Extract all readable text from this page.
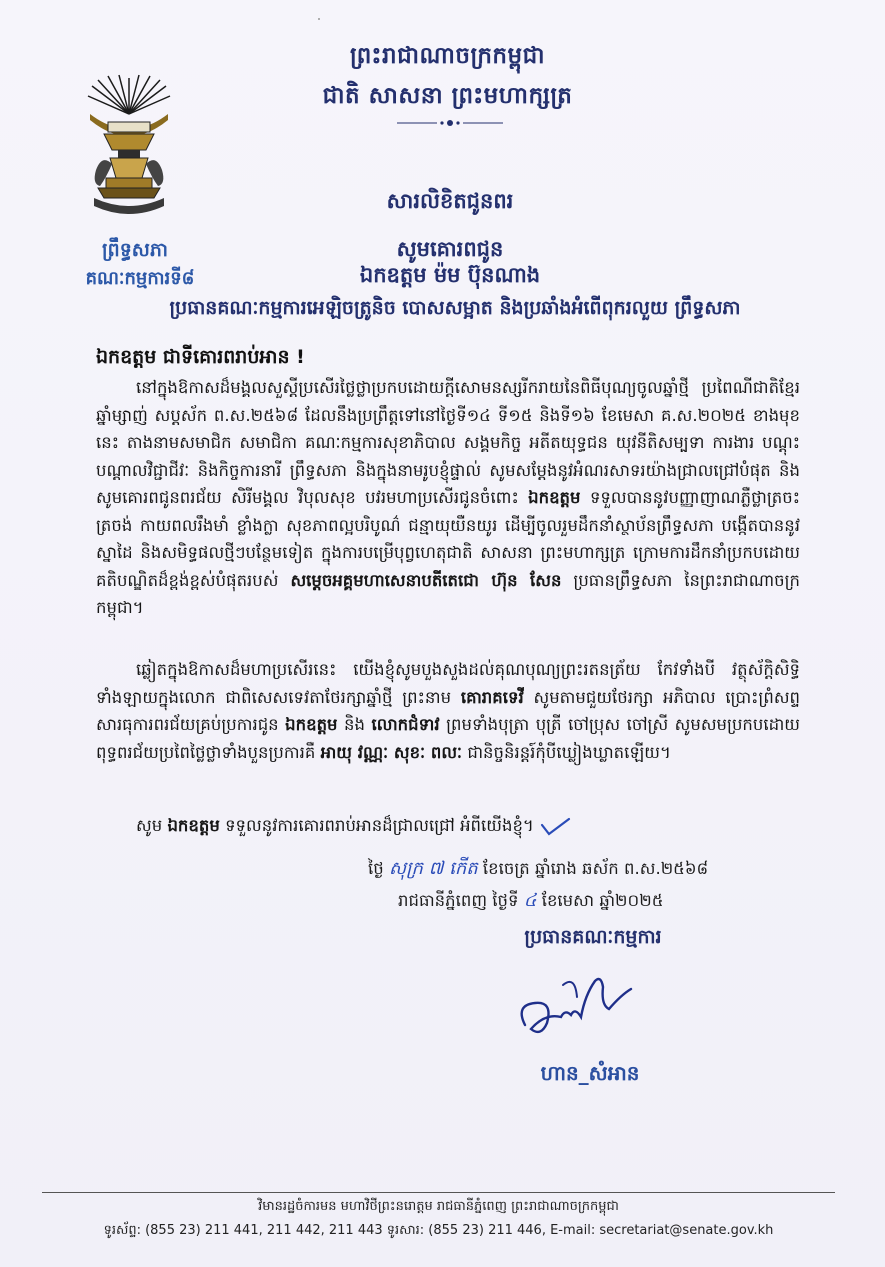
ព្រះរាជាណាចក្រកម្ពុជា
ជាតិ សាសនា ព្រះមហាក្សត្រ
ព្រឹទ្ធសភា
គណៈកម្មការទី៨
សារលិខិតជូនពរ
សូមគោរពជូន
ឯកឧត្តម ម៉ម ប៊ុនណាង
ប្រធានគណៈកម្មការអេឡិចត្រូនិច បោសសម្អាត និងប្រឆាំងអំពើពុករលួយ ព្រឹទ្ធសភា
ឯកឧត្តម ជាទីគោរពរាប់អាន !
នៅក្នុងឱកាសដ៏មង្គលសួស្តីប្រសើរថ្លៃថ្លាប្រកបដោយក្តីសោមនស្សរីករាយនៃពិធីបុណ្យចូលឆ្នាំថ្មី ប្រពៃណីជាតិខ្មែរ ឆ្នាំម្សាញ់ សប្តស័ក ព.ស.២៥៦៨ ដែលនឹងប្រព្រឹត្តទៅនៅថ្ងៃទី១៤ ទី១៥ និងទី១៦ ខែមេសា គ.ស.២០២៥ ខាងមុខនេះ តាងនាមសមាជិក សមាជិកា គណៈកម្មការសុខាភិបាល សង្គមកិច្ច អតីតយុទ្ធជន យុវនីតិសម្បទា ការងារ បណ្តុះបណ្តាលវិជ្ជាជីវៈ និងកិច្ចការនារី ព្រឹទ្ធសភា និងក្នុងនាមរូបខ្ញុំផ្ទាល់ សូមសម្តែងនូវអំណរសាទរយ៉ាងជ្រាលជ្រៅបំផុត និងសូមគោរពជូនពរជ័យ សិរីមង្គល វិបុលសុខ បវរមហាប្រសើរជូនចំពោះ ឯកឧត្តម ទទួលបាននូវបញ្ញាញាណភ្លឺថ្លាត្រចះត្រចង់ កាយពលរឹងមាំ ខ្លាំងក្លា សុខភាពល្អបរិបូណ៌ ជន្មាយុយឺនយូរ ដើម្បីចូលរួមដឹកនាំស្ថាប័នព្រឹទ្ធសភា បង្កើតបាននូវស្នាដៃ និងសមិទ្ធផលថ្មីៗបន្ថែមទៀត ក្នុងការបម្រើបុព្វហេតុជាតិ សាសនា ព្រះមហាក្សត្រ ក្រោមការដឹកនាំប្រកបដោយគតិបណ្ឌិតដ៏ខ្ពង់ខ្ពស់បំផុតរបស់ សម្តេចអគ្គមហាសេនាបតីតេជោ ហ៊ុន សែន ប្រធានព្រឹទ្ធសភា នៃព្រះរាជាណាចក្រកម្ពុជា។
ឆ្លៀតក្នុងឱកាសដ៏មហាប្រសើរនេះ យើងខ្ញុំសូមបួងសួងដល់គុណបុណ្យព្រះរតនត្រ័យ កែវទាំងបី វត្ថុស័ក្តិសិទ្ធិទាំងឡាយក្នុងលោក ជាពិសេសទេវតាថែរក្សាឆ្នាំថ្មី ព្រះនាម គោរាគទេវី សូមតាមជួយថែរក្សា អភិបាល ប្រោះព្រំសព្ទសារធុការពរជ័យគ្រប់ប្រការជូន ឯកឧត្តម និង លោកជំទាវ ព្រមទាំងបុត្រា បុត្រី ចៅប្រុស ចៅស្រី សូមសមប្រកបដោយពុទ្ធពរជ័យប្រពៃថ្លៃថ្លាទាំងបួនប្រការគឺ អាយុ វណ្ណៈ សុខៈ ពលៈ ជានិច្ចនិរន្តរ៍កុំបីឃ្លៀងឃ្លាតឡើយ។
សូម ឯកឧត្តម ទទួលនូវការគោរពរាប់អានដ៏ជ្រាលជ្រៅ អំពីយើងខ្ញុំ។
ថ្ងៃ សុក្រ ៧ កើត ខែចេត្រ ឆ្នាំរោង ឆស័ក ព.ស.២៥៦៨
រាជធានីភ្នំពេញ ថ្ងៃទី ៤ ខែមេសា ឆ្នាំ២០២៥
ប្រធានគណៈកម្មការ
ហាន_សំអាន
វិមានរដ្ឋចំការមន មហាវិថីព្រះនរោត្តម រាជធានីភ្នំពេញ ព្រះរាជាណាចក្រកម្ពុជា
ទូរស័ព្ទ: (855 23) 211 441, 211 442, 211 443 ទូរសារ: (855 23) 211 446, E-mail: secretariat@senate.gov.kh
